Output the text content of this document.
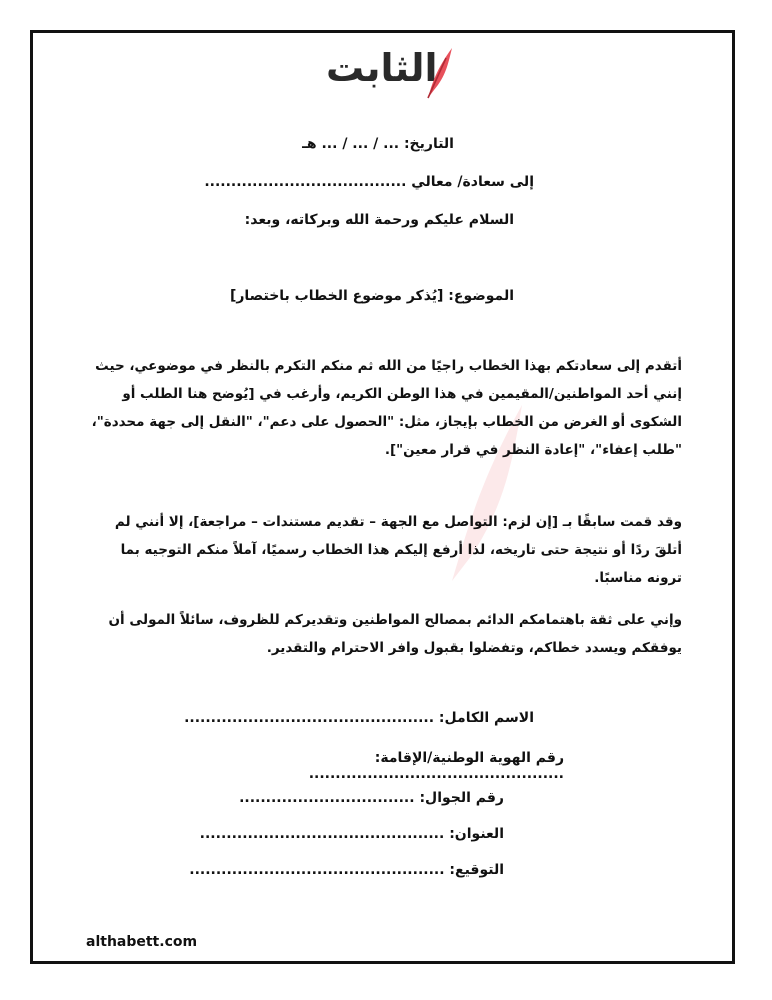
الثابت
التاريخ: ... / ... / ... هـ
إلى سعادة/ معالي ......................................
السلام عليكم ورحمة الله وبركاته، وبعد:
الموضوع: [يُذكر موضوع الخطاب باختصار]
أتقدم إلى سعادتكم بهذا الخطاب راجيًا من الله ثم منكم التكرم بالنظر في موضوعي، حيث إنني أحد المواطنين/المقيمين في هذا الوطن الكريم، وأرغب في [يُوضح هنا الطلب أو الشكوى أو الغرض من الخطاب بإيجاز، مثل: "الحصول على دعم"، "النقل إلى جهة محددة"، "طلب إعفاء"، "إعادة النظر في قرار معين"].
وقد قمت سابقًا بـ [إن لزم: التواصل مع الجهة – تقديم مستندات – مراجعة]، إلا أنني لم أتلقَ ردًا أو نتيجة حتى تاريخه، لذا أرفع إليكم هذا الخطاب رسميًا، آملاً منكم التوجيه بما ترونه مناسبًا.
وإني على ثقة باهتمامكم الدائم بمصالح المواطنين وتقديركم للظروف، سائلاً المولى أن يوفقكم ويسدد خطاكم، وتفضلوا بقبول وافر الاحترام والتقدير.
الاسم الكامل: ...............................................
رقم الهوية الوطنية/الإقامة: ................................................
رقم الجوال: .................................
العنوان: ..............................................
التوقيع: ................................................
althabett.com
